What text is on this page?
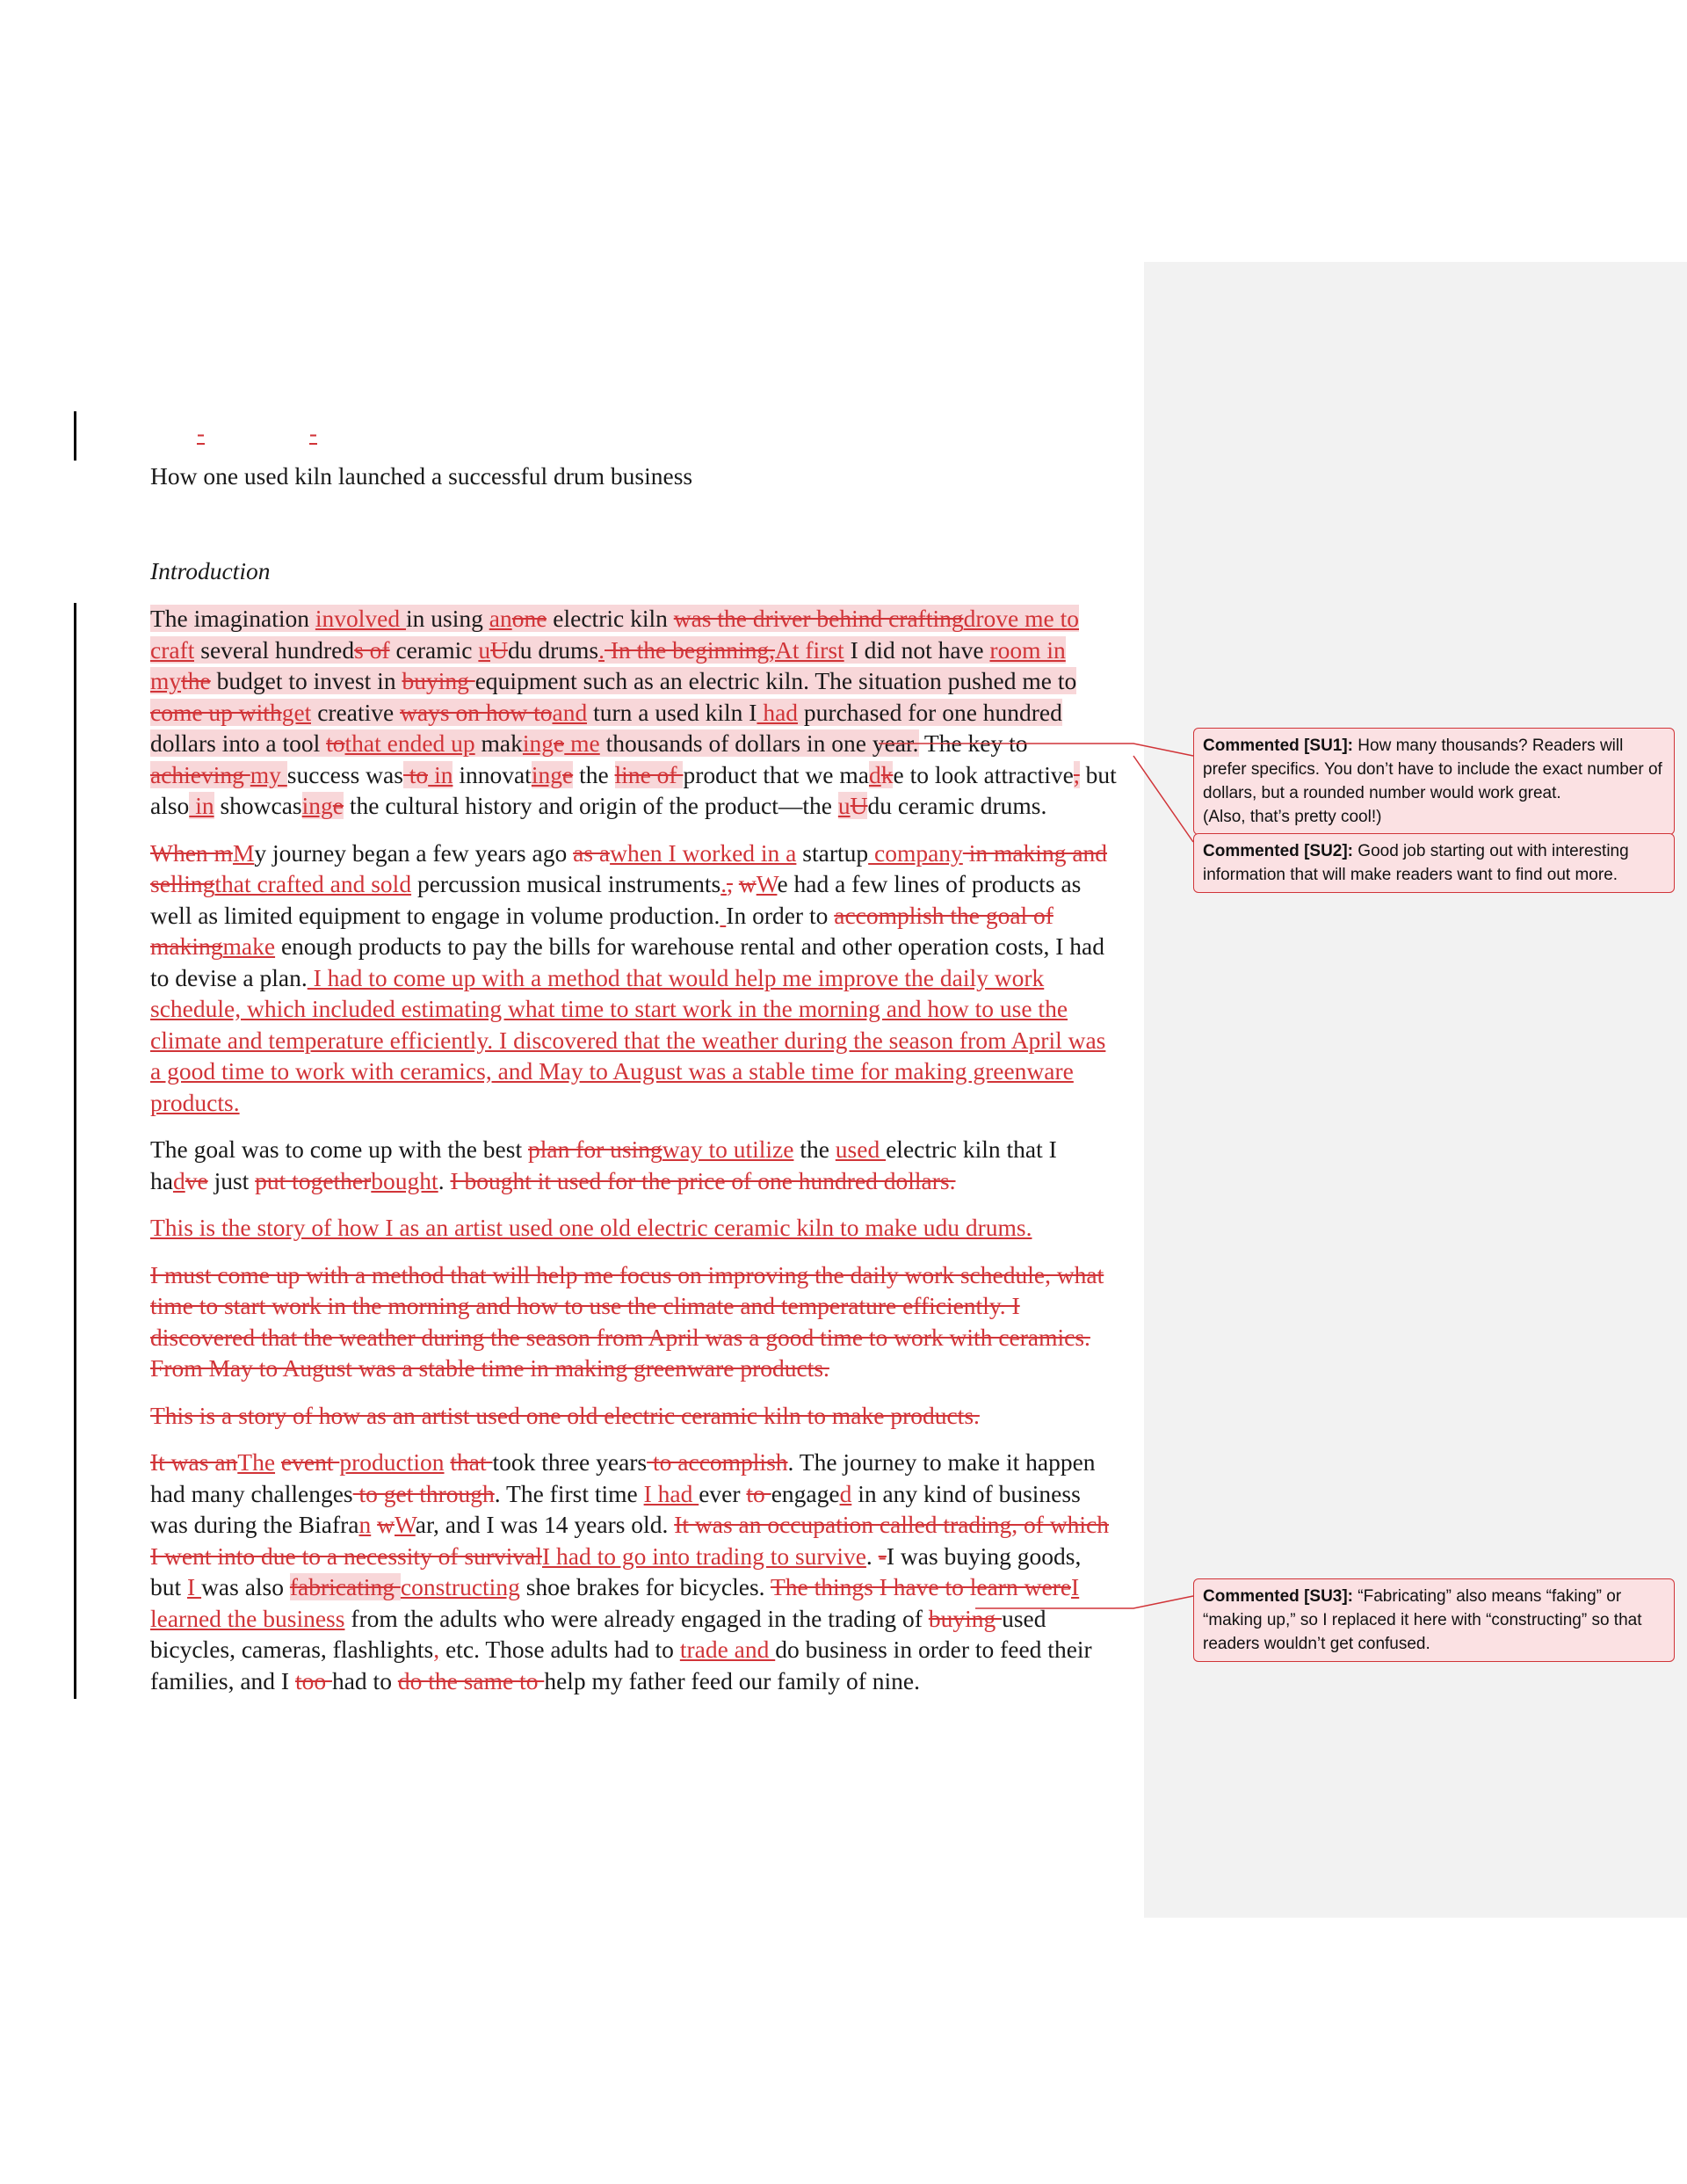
-	-
How one used kiln launched a successful drum business
Introduction

The imagination involved in using anone electric kiln was the driver behind craftingdrove me to craft several hundreds of ceramic uUdu drums. In the beginning,At first I did not have room in mythe budget to invest in buying equipment such as an electric kiln. The situation pushed me to come up withget creative ways on how toand turn a used kiln I had purchased for one hundred dollars into a tool tothat ended up makinge me thousands of dollars in one year. The key to achieving my success was to in innovatinge the line of product that we madke to look attractive, but also in showcasinge the cultural history and origin of the product—the uUdu ceramic drums.

When mMy journey began a few years ago as awhen I worked in a startup company in making and sellingthat crafted and sold percussion musical instruments., wWe had a few lines of products as well as limited equipment to engage in volume production. In order to accomplish the goal of makingmake enough products to pay the bills for warehouse rental and other operation costs, I had to devise a plan. I had to come up with a method that would help me improve the daily work schedule, which included estimating what time to start work in the morning and how to use the climate and temperature efficiently. I discovered that the weather during the season from April was a good time to work with ceramics, and May to August was a stable time for making greenware products.

The goal was to come up with the best plan for usingway to utilize the used electric kiln that I hadve just put togetherbought. I bought it used for the price of one hundred dollars.

This is the story of how I as an artist used one old electric ceramic kiln to make udu drums.

I must come up with a method that will help me focus on improving the daily work schedule, what time to start work in the morning and how to use the climate and temperature efficiently. I discovered that the weather during the season from April was a good time to work with ceramics. From May to August was a stable time in making greenware products.

This is a story of how as an artist used one old electric ceramic kiln to make products.

It was anThe event production that took three years to accomplish. The journey to make it happen had many challenges to get through. The first time I had ever to engaged in any kind of business was during the Biafran wWar, and I was 14 years old. It was an occupation called trading, of which I went into due to a necessity of survivalI had to go into trading to survive. -I was buying goods, but I was also fabricating constructing shoe brakes for bicycles. The things I have to learn wereI learned the business from the adults who were already engaged in the trading of buying used bicycles, cameras, flashlights, etc. Those adults had to trade and do business in order to feed their families, and I too had to do the same to help my father feed our family of nine.

Commented [SU1]: How many thousands? Readers will prefer specifics. You don’t have to include the exact number of dollars, but a rounded number would work great.
(Also, that’s pretty cool!)
Commented [SU2]: Good job starting out with interesting information that will make readers want to find out more.
Commented [SU3]: “Fabricating” also means “faking” or “making up,” so I replaced it here with “constructing” so that readers wouldn’t get confused.
